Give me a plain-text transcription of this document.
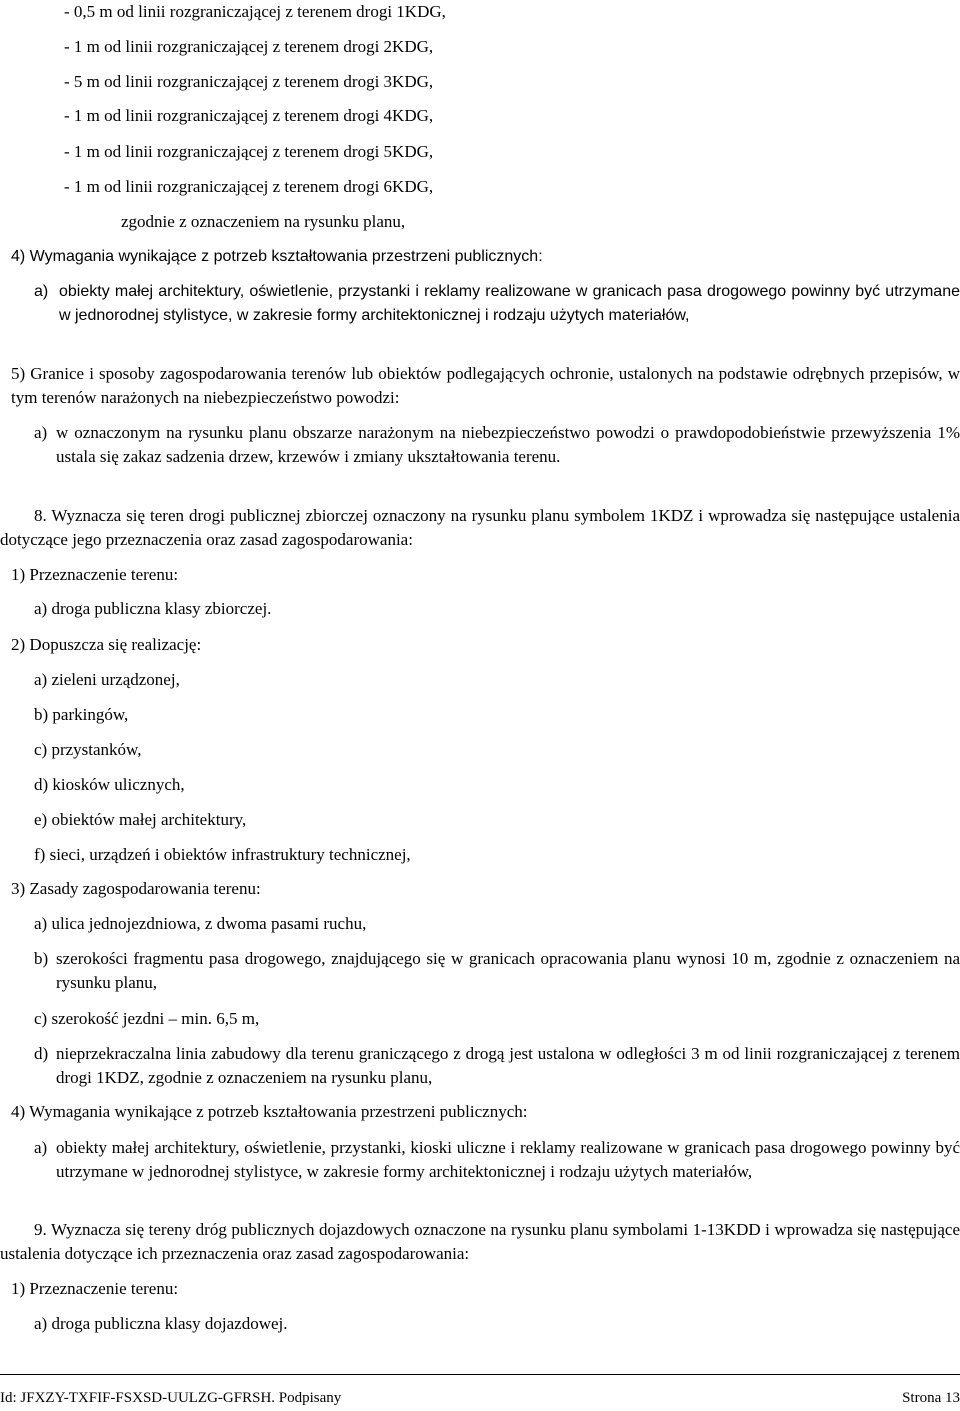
- 0,5 m od linii rozgraniczającej z terenem drogi 1KDG,
- 1 m od linii rozgraniczającej z terenem drogi 2KDG,
- 5 m od linii rozgraniczającej z terenem drogi 3KDG,
- 1 m od linii rozgraniczającej z terenem drogi 4KDG,
- 1 m od linii rozgraniczającej z terenem drogi 5KDG,
- 1 m od linii rozgraniczającej z terenem drogi 6KDG,
zgodnie z oznaczeniem na rysunku planu,
4) Wymagania wynikające z potrzeb kształtowania przestrzeni publicznych:
a) obiekty małej architektury, oświetlenie, przystanki i reklamy realizowane w granicach pasa drogowego powinny być utrzymane w jednorodnej stylistyce, w zakresie formy architektonicznej i rodzaju użytych materiałów,
5) Granice i sposoby zagospodarowania terenów lub obiektów podlegających ochronie, ustalonych na podstawie odrębnych przepisów, w tym terenów narażonych na niebezpieczeństwo powodzi:
a) w oznaczonym na rysunku planu obszarze narażonym na niebezpieczeństwo powodzi o prawdopodobieństwie przewyższenia 1% ustala się zakaz sadzenia drzew, krzewów i zmiany ukształtowania terenu.
8. Wyznacza się teren drogi publicznej zbiorczej oznaczony na rysunku planu symbolem 1KDZ i wprowadza się następujące ustalenia dotyczące jego przeznaczenia oraz zasad zagospodarowania:
1) Przeznaczenie terenu:
a) droga publiczna klasy zbiorczej.
2) Dopuszcza się realizację:
a) zieleni urządzonej,
b) parkingów,
c) przystanków,
d) kiosków ulicznych,
e) obiektów małej architektury,
f) sieci, urządzeń i obiektów infrastruktury technicznej,
3) Zasady zagospodarowania terenu:
a) ulica jednojezdniowa, z dwoma pasami ruchu,
b) szerokości fragmentu pasa drogowego, znajdującego się w granicach opracowania planu wynosi 10 m, zgodnie z oznaczeniem na rysunku planu,
c) szerokość jezdni – min. 6,5 m,
d) nieprzekraczalna linia zabudowy dla terenu graniczącego z drogą jest ustalona w odległości 3 m od linii rozgraniczającej z terenem drogi 1KDZ, zgodnie z oznaczeniem na rysunku planu,
4) Wymagania wynikające z potrzeb kształtowania przestrzeni publicznych:
a) obiekty małej architektury, oświetlenie, przystanki, kioski uliczne i reklamy realizowane w granicach pasa drogowego powinny być utrzymane w jednorodnej stylistyce, w zakresie formy architektonicznej i rodzaju użytych materiałów,
9. Wyznacza się tereny dróg publicznych dojazdowych oznaczone na rysunku planu symbolami 1-13KDD i wprowadza się następujące ustalenia dotyczące ich przeznaczenia oraz zasad zagospodarowania:
1) Przeznaczenie terenu:
a) droga publiczna klasy dojazdowej.
Id: JFXZY-TXFIF-FSXSD-UULZG-GFRSH. Podpisany	Strona 13
